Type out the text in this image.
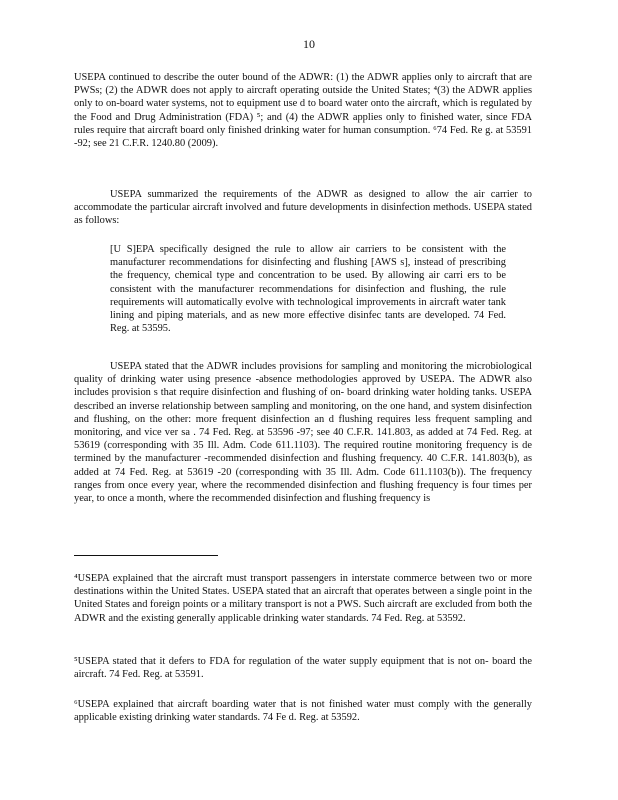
10
USEPA continued to describe the outer bound of the ADWR: (1) the ADWR applies only to aircraft that are PWSs; (2) the ADWR does not apply to aircraft operating outside the United States; ⁴(3) the ADWR applies only to on-board water systems, not to equipment use d to board water onto the aircraft, which is regulated by the Food and Drug Administration (FDA) ⁵; and (4) the ADWR applies only to finished water, since FDA rules require that aircraft board only finished drinking water for human consumption. ⁶74 Fed. Re g. at 53591 -92; see 21 C.F.R. 1240.80 (2009).
USEPA summarized the requirements of the ADWR as designed to allow the air carrier to accommodate the particular aircraft involved and future developments in disinfection methods. USEPA stated as follows:
[U S]EPA specifically designed the rule to allow air carriers to be consistent with the manufacturer recommendations for disinfecting and flushing [AWS s], instead of prescribing the frequency, chemical type and concentration to be used. By allowing air carri ers to be consistent with the manufacturer recommendations for disinfection and flushing, the rule requirements will automatically evolve with technological improvements in aircraft water tank lining and piping materials, and as new more effective disinfec tants are developed. 74 Fed. Reg. at 53595.
USEPA stated that the ADWR includes provisions for sampling and monitoring the microbiological quality of drinking water using presence -absence methodologies approved by USEPA. The ADWR also includes provision s that require disinfection and flushing of on- board drinking water holding tanks. USEPA described an inverse relationship between sampling and monitoring, on the one hand, and system disinfection and flushing, on the other: more frequent disinfection an d flushing requires less frequent sampling and monitoring, and vice ver sa . 74 Fed. Reg. at 53596 -97; see 40 C.F.R. 141.803, as added at 74 Fed. Reg. at 53619 (corresponding with 35 Ill. Adm. Code 611.1103). The required routine monitoring frequency is de termined by the manufacturer -recommended disinfection and flushing frequency. 40 C.F.R. 141.803(b), as added at 74 Fed. Reg. at 53619 -20 (corresponding with 35 Ill. Adm. Code 611.1103(b)). The frequency ranges from once every year, where the recommended disinfection and flushing frequency is four times per year, to once a month, where the recommended disinfection and flushing frequency is
⁴USEPA explained that the aircraft must transport passengers in interstate commerce between two or more destinations within the United States. USEPA stated that an aircraft that operates between a single point in the United States and foreign points or a military transport is not a PWS. Such aircraft are excluded from both the ADWR and the existing generally applicable drinking water standards. 74 Fed. Reg. at 53592.
⁵USEPA stated that it defers to FDA for regulation of the water supply equipment that is not on- board the aircraft. 74 Fed. Reg. at 53591.
⁶USEPA explained that aircraft boarding water that is not finished water must comply with the generally applicable existing drinking water standards. 74 Fe d. Reg. at 53592.
